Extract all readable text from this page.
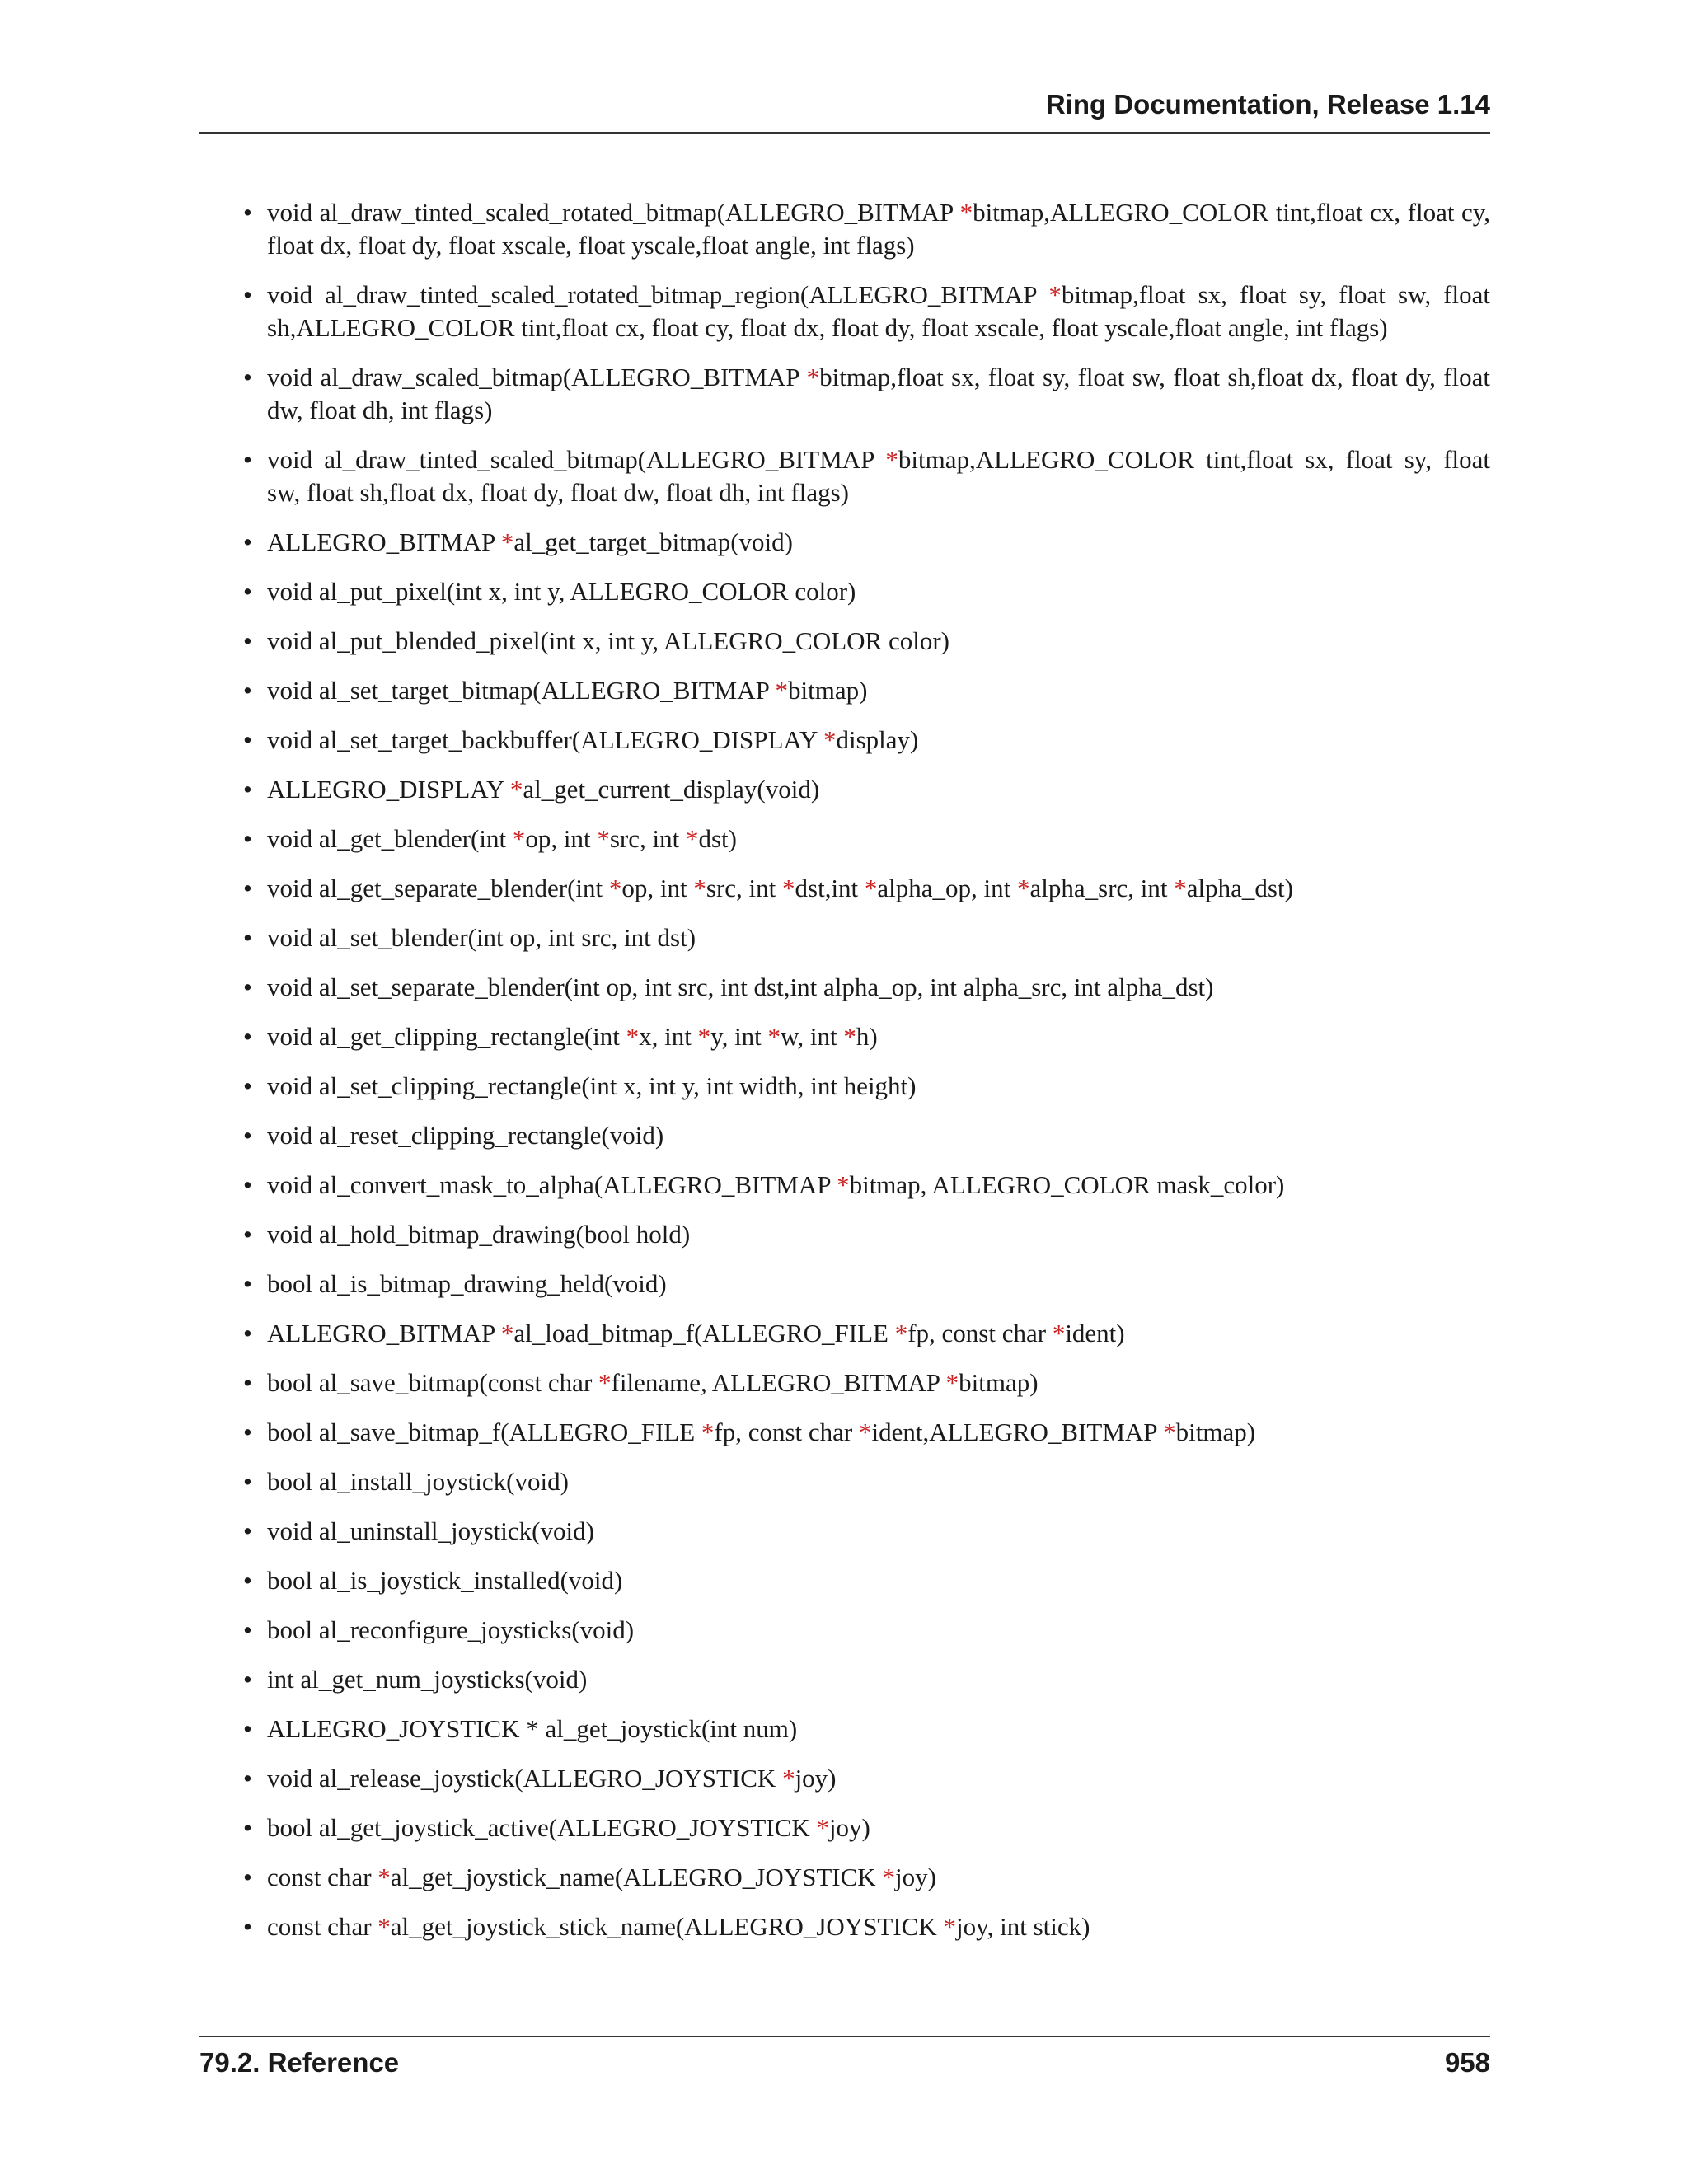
Ring Documentation, Release 1.14
• void al_draw_tinted_scaled_rotated_bitmap(ALLEGRO_BITMAP *bitmap,ALLEGRO_COLOR tint,float cx, float cy, float dx, float dy, float xscale, float yscale,float angle, int flags)
• void al_draw_tinted_scaled_rotated_bitmap_region(ALLEGRO_BITMAP *bitmap,float sx, float sy, float sw, float sh,ALLEGRO_COLOR tint,float cx, float cy, float dx, float dy, float xscale, float yscale,float angle, int flags)
• void al_draw_scaled_bitmap(ALLEGRO_BITMAP *bitmap,float sx, float sy, float sw, float sh,float dx, float dy, float dw, float dh, int flags)
• void al_draw_tinted_scaled_bitmap(ALLEGRO_BITMAP *bitmap,ALLEGRO_COLOR tint,float sx, float sy, float sw, float sh,float dx, float dy, float dw, float dh, int flags)
• ALLEGRO_BITMAP *al_get_target_bitmap(void)
• void al_put_pixel(int x, int y, ALLEGRO_COLOR color)
• void al_put_blended_pixel(int x, int y, ALLEGRO_COLOR color)
• void al_set_target_bitmap(ALLEGRO_BITMAP *bitmap)
• void al_set_target_backbuffer(ALLEGRO_DISPLAY *display)
• ALLEGRO_DISPLAY *al_get_current_display(void)
• void al_get_blender(int *op, int *src, int *dst)
• void al_get_separate_blender(int *op, int *src, int *dst,int *alpha_op, int *alpha_src, int *alpha_dst)
• void al_set_blender(int op, int src, int dst)
• void al_set_separate_blender(int op, int src, int dst,int alpha_op, int alpha_src, int alpha_dst)
• void al_get_clipping_rectangle(int *x, int *y, int *w, int *h)
• void al_set_clipping_rectangle(int x, int y, int width, int height)
• void al_reset_clipping_rectangle(void)
• void al_convert_mask_to_alpha(ALLEGRO_BITMAP *bitmap, ALLEGRO_COLOR mask_color)
• void al_hold_bitmap_drawing(bool hold)
• bool al_is_bitmap_drawing_held(void)
• ALLEGRO_BITMAP *al_load_bitmap_f(ALLEGRO_FILE *fp, const char *ident)
• bool al_save_bitmap(const char *filename, ALLEGRO_BITMAP *bitmap)
• bool al_save_bitmap_f(ALLEGRO_FILE *fp, const char *ident,ALLEGRO_BITMAP *bitmap)
• bool al_install_joystick(void)
• void al_uninstall_joystick(void)
• bool al_is_joystick_installed(void)
• bool al_reconfigure_joysticks(void)
• int al_get_num_joysticks(void)
• ALLEGRO_JOYSTICK * al_get_joystick(int num)
• void al_release_joystick(ALLEGRO_JOYSTICK *joy)
• bool al_get_joystick_active(ALLEGRO_JOYSTICK *joy)
• const char *al_get_joystick_name(ALLEGRO_JOYSTICK *joy)
• const char *al_get_joystick_stick_name(ALLEGRO_JOYSTICK *joy, int stick)
79.2. Reference	958
